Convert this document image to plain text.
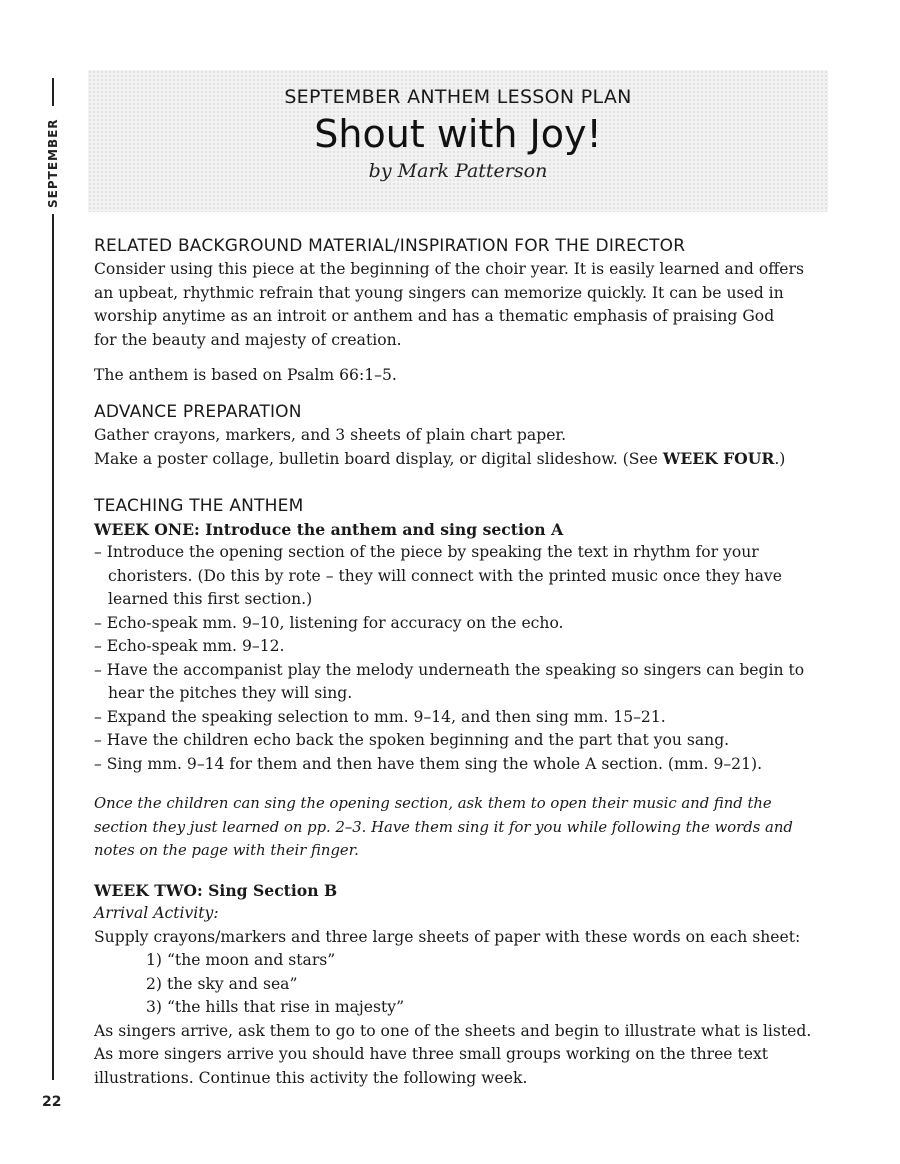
SEPTEMBER
22
SEPTEMBER ANTHEM LESSON PLAN
Shout with Joy!
by Mark Patterson
RELATED BACKGROUND MATERIAL/INSPIRATION FOR THE DIRECTOR

Consider using this piece at the beginning of the choir year. It is easily learned and offers

an upbeat, rhythmic refrain that young singers can memorize quickly. It can be used in

worship anytime as an introit or anthem and has a thematic emphasis of praising God

for the beauty and majesty of creation.

The anthem is based on Psalm 66:1–5.

ADVANCE PREPARATION

Gather crayons, markers, and 3 sheets of plain chart paper.

Make a poster collage, bulletin board display, or digital slideshow. (See WEEK FOUR.)

TEACHING THE ANTHEM

WEEK ONE: Introduce the anthem and sing section A

– Introduce the opening section of the piece by speaking the text in rhythm for your choristers. (Do this by rote – they will connect with the printed music once they have learned this first section.)

– Echo-speak mm. 9–10, listening for accuracy on the echo.

– Echo-speak mm. 9–12.

– Have the accompanist play the melody underneath the speaking so singers can begin to hear the pitches they will sing.

– Expand the speaking selection to mm. 9–14, and then sing mm. 15–21.

– Have the children echo back the spoken beginning and the part that you sang.

– Sing mm. 9–14 for them and then have them sing the whole A section. (mm. 9–21).

Once the children can sing the opening section, ask them to open their music and find the section they just learned on pp. 2–3. Have them sing it for you while following the words and notes on the page with their finger.

WEEK TWO: Sing Section B

Arrival Activity:

Supply crayons/markers and three large sheets of paper with these words on each sheet:

1) “the moon and stars”

2) the sky and sea”

3) “the hills that rise in majesty”

As singers arrive, ask them to go to one of the sheets and begin to illustrate what is listed. As more singers arrive you should have three small groups working on the three text illustrations. Continue this activity the following week.
